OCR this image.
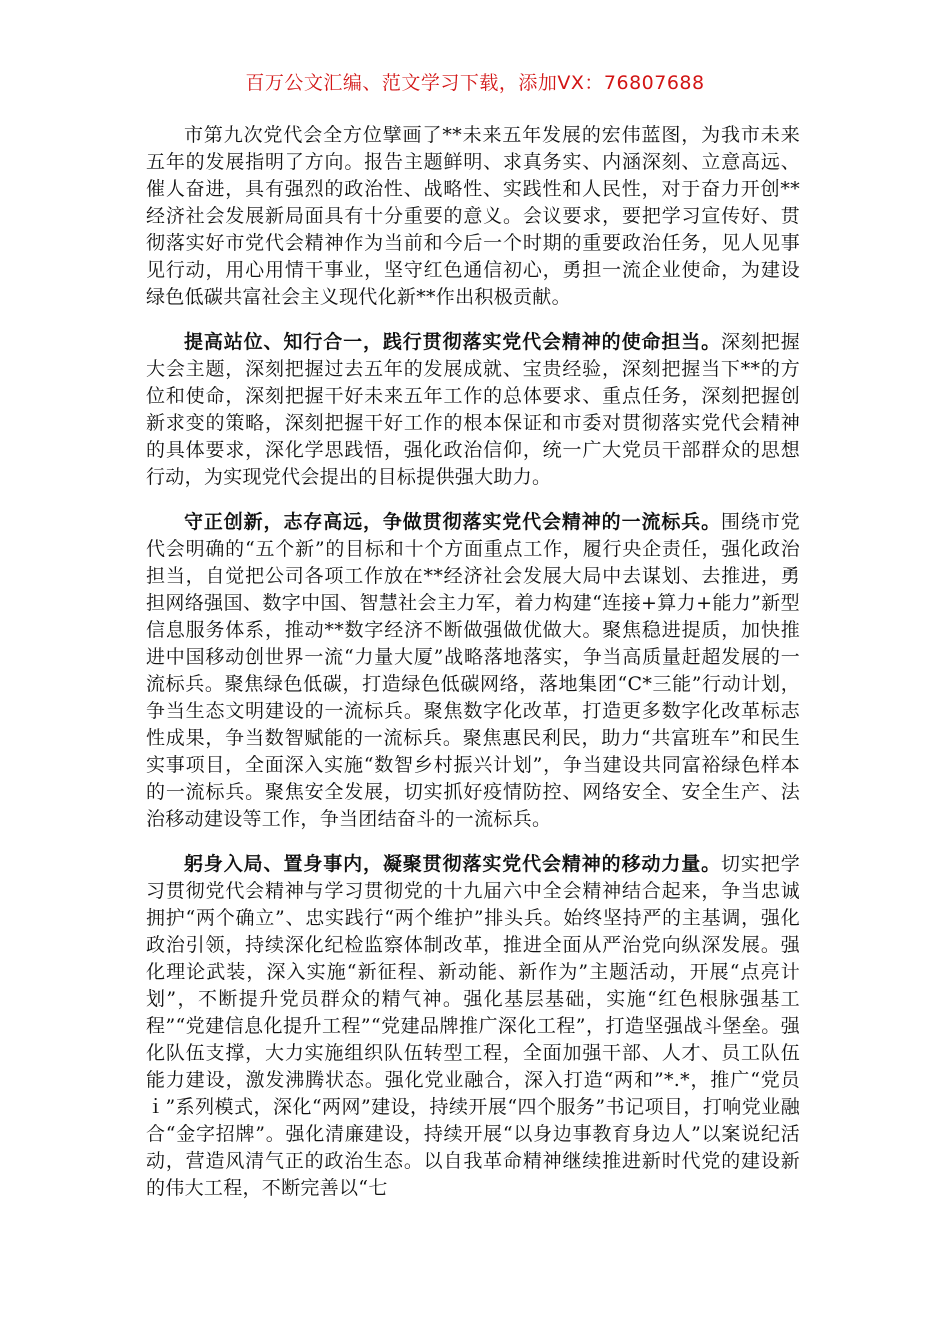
百万公文汇编、范文学习下载，添加VX：76807688

市第九次党代会全方位擘画了**未来五年发展的宏伟蓝图，为我市未来五年的发展指明了方向。报告主题鲜明、求真务实、内涵深刻、立意高远、催人奋进，具有强烈的政治性、战略性、实践性和人民性，对于奋力开创**经济社会发展新局面具有十分重要的意义。会议要求，要把学习宣传好、贯彻落实好市党代会精神作为当前和今后一个时期的重要政治任务，见人见事见行动，用心用情干事业，坚守红色通信初心，勇担一流企业使命，为建设绿色低碳共富社会主义现代化新**作出积极贡献。

提高站位、知行合一，践行贯彻落实党代会精神的使命担当。深刻把握大会主题，深刻把握过去五年的发展成就、宝贵经验，深刻把握当下**的方位和使命，深刻把握干好未来五年工作的总体要求、重点任务，深刻把握创新求变的策略，深刻把握干好工作的根本保证和市委对贯彻落实党代会精神的具体要求，深化学思践悟，强化政治信仰，统一广大党员干部群众的思想行动，为实现党代会提出的目标提供强大助力。

守正创新，志存高远，争做贯彻落实党代会精神的一流标兵。围绕市党代会明确的“五个新”的目标和十个方面重点工作，履行央企责任，强化政治担当，自觉把公司各项工作放在**经济社会发展大局中去谋划、去推进，勇担网络强国、数字中国、智慧社会主力军，着力构建“连接+算力+能力”新型信息服务体系，推动**数字经济不断做强做优做大。聚焦稳进提质，加快推进中国移动创世界一流“力量大厦”战略落地落实，争当高质量赶超发展的一流标兵。聚焦绿色低碳，打造绿色低碳网络，落地集团“C*三能”行动计划，争当生态文明建设的一流标兵。聚焦数字化改革，打造更多数字化改革标志性成果，争当数智赋能的一流标兵。聚焦惠民利民，助力“共富班车”和民生实事项目，全面深入实施“数智乡村振兴计划”，争当建设共同富裕绿色样本的一流标兵。聚焦安全发展，切实抓好疫情防控、网络安全、安全生产、法治移动建设等工作，争当团结奋斗的一流标兵。

躬身入局、置身事内，凝聚贯彻落实党代会精神的移动力量。切实把学习贯彻党代会精神与学习贯彻党的十九届六中全会精神结合起来，争当忠诚拥护“两个确立”、忠实践行“两个维护”排头兵。始终坚持严的主基调，强化政治引领，持续深化纪检监察体制改革，推进全面从严治党向纵深发展。强化理论武装，深入实施“新征程、新动能、新作为”主题活动，开展“点亮计划”，不断提升党员群众的精气神。强化基层基础，实施“红色根脉强基工程”“党建信息化提升工程”“党建品牌推广深化工程”，打造坚强战斗堡垒。强化队伍支撑，大力实施组织队伍转型工程，全面加强干部、人才、员工队伍能力建设，激发沸腾状态。强化党业融合，深入打造“两和”*.*，推广“党员ｉ”系列模式，深化“两网”建设，持续开展“四个服务”书记项目，打响党业融合“金字招牌”。强化清廉建设，持续开展“以身边事教育身边人”以案说纪活动，营造风清气正的政治生态。以自我革命精神继续推进新时代党的建设新的伟大工程，不断完善以“七
